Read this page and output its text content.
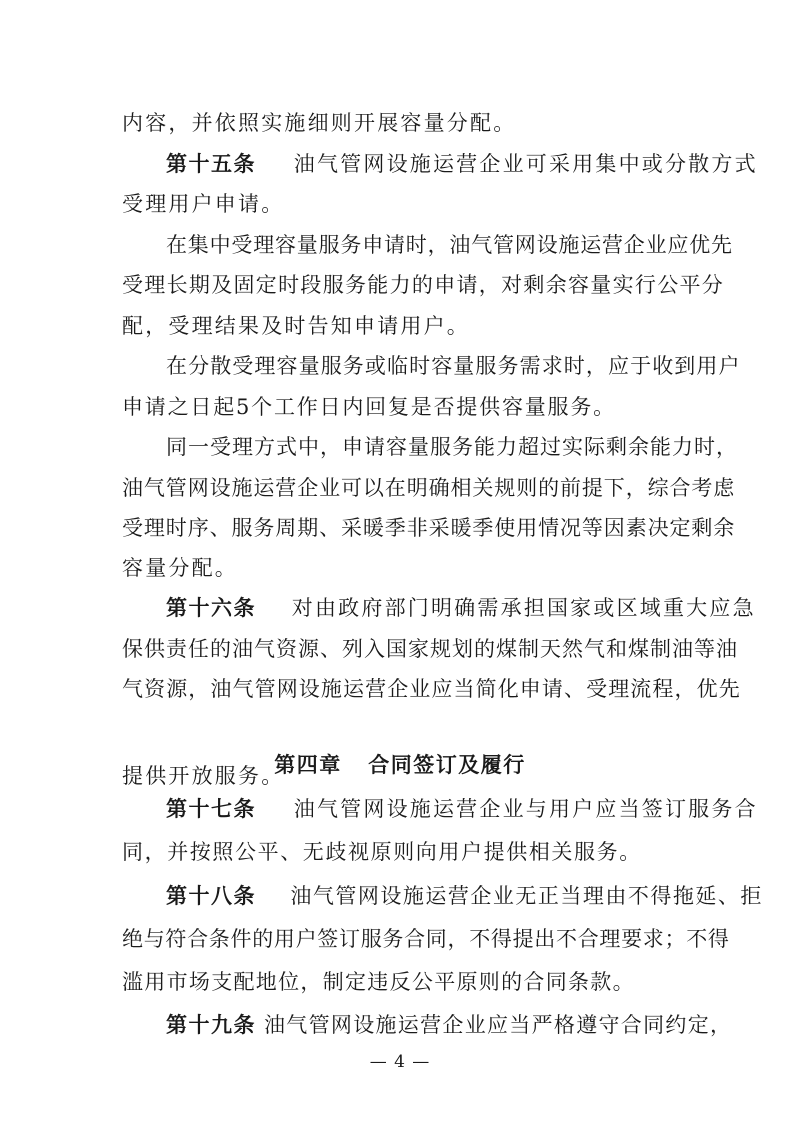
内容，并依照实施细则开展容量分配。
第十五条 油气管网设施运营企业可采用集中或分散方式
受理用户申请。
在集中受理容量服务申请时，油气管网设施运营企业应优先
受理长期及固定时段服务能力的申请，对剩余容量实行公平分
配，受理结果及时告知申请用户。
在分散受理容量服务或临时容量服务需求时，应于收到用户
申请之日起5个工作日内回复是否提供容量服务。
同一受理方式中，申请容量服务能力超过实际剩余能力时，
油气管网设施运营企业可以在明确相关规则的前提下，综合考虑
受理时序、服务周期、采暖季非采暖季使用情况等因素决定剩余
容量分配。
第十六条 对由政府部门明确需承担国家或区域重大应急
保供责任的油气资源、列入国家规划的煤制天然气和煤制油等油
气资源，油气管网设施运营企业应当简化申请、受理流程，优先
提供开放服务。
第四章   合同签订及履行
第十七条 油气管网设施运营企业与用户应当签订服务合
同，并按照公平、无歧视原则向用户提供相关服务。
第十八条 油气管网设施运营企业无正当理由不得拖延、拒
绝与符合条件的用户签订服务合同，不得提出不合理要求；不得
— 4 —
滥用市场支配地位，制定违反公平原则的合同条款。
第十九条 油气管网设施运营企业应当严格遵守合同约定，
